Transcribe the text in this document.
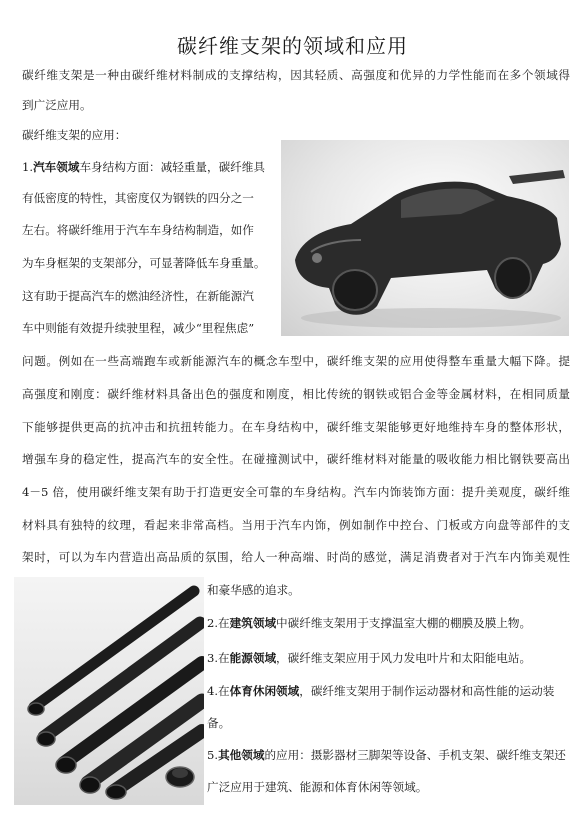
碳纤维支架的领域和应用
碳纤维支架是一种由碳纤维材料制成的支撑结构，因其轻质、高强度和优异的力学性能而在多个领域得
到广泛应用。
碳纤维支架的应用：
1.汽车领域车身结构方面：减轻重量，碳纤维具
有低密度的特性，其密度仅为钢铁的四分之一
左右。将碳纤维用于汽车车身结构制造，如作
为车身框架的支架部分，可显著降低车身重量。
这有助于提高汽车的燃油经济性，在新能源汽
车中则能有效提升续驶里程，减少“里程焦虑”
问题。例如在一些高端跑车或新能源汽车的概念车型中，碳纤维支架的应用使得整车重量大幅下降。提
高强度和刚度：碳纤维材料具备出色的强度和刚度，相比传统的钢铁或铝合金等金属材料，在相同质量
下能够提供更高的抗冲击和抗扭转能力。在车身结构中，碳纤维支架能够更好地维持车身的整体形状，
增强车身的稳定性，提高汽车的安全性。在碰撞测试中，碳纤维材料对能量的吸收能力相比钢铁要高出
4－5 倍，使用碳纤维支架有助于打造更安全可靠的车身结构。汽车内饰装饰方面：提升美观度，碳纤维
材料具有独特的纹理，看起来非常高档。当用于汽车内饰，例如制作中控台、门板或方向盘等部件的支
架时，可以为车内营造出高品质的氛围，给人一种高端、时尚的感觉，满足消费者对于汽车内饰美观性
和豪华感的追求。
2.在建筑领域中碳纤维支架用于支撑温室大棚的棚膜及膜上物。
3.在能源领域，碳纤维支架应用于风力发电叶片和太阳能电站。
4.在体育休闲领域，碳纤维支架用于制作运动器材和高性能的运动装
备。
5.其他领域的应用：摄影器材三脚架等设备、手机支架、碳纤维支架还
广泛应用于建筑、能源和体育休闲等领域。
